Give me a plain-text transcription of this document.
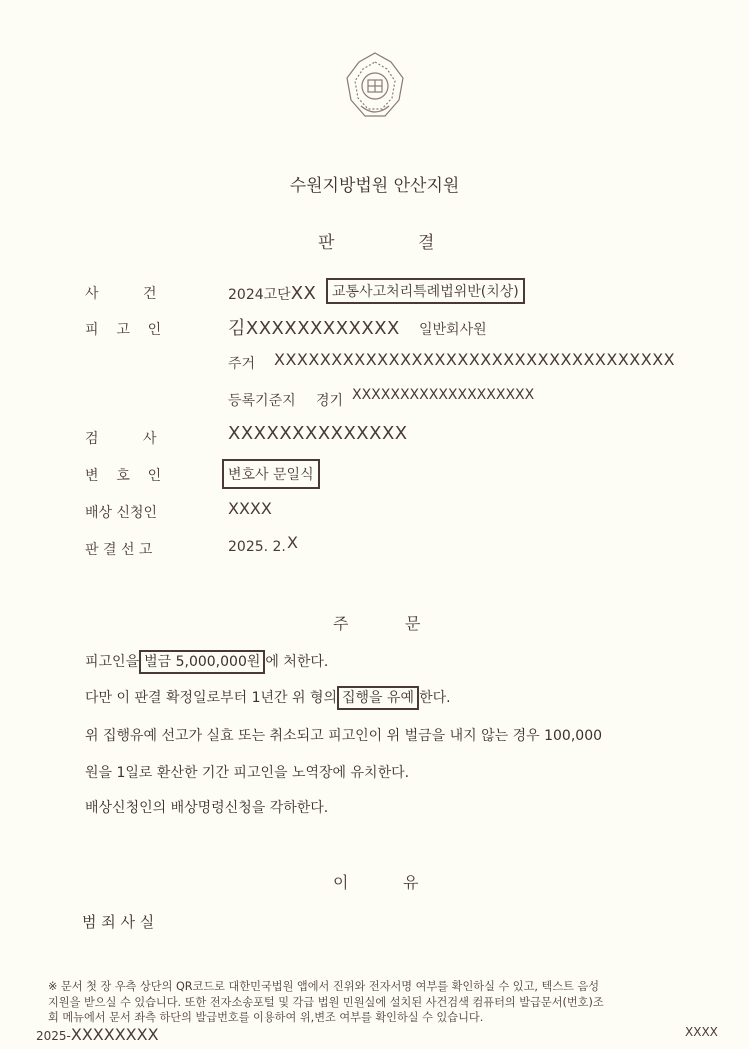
수원지방법원 안산지원
판	결
사          건	2024고단XX	교통사고처리특례법위반(치상)
피    고    인	김XXXXXXXXXXXX 일반회사원
주거 XXXXXXXXXXXXXXXXXXXXXXXXXXXXXXXXXXX
등록기준지 경기 XXXXXXXXXXXXXXXXXXX
검          사	XXXXXXXXXXXXXX
변    호    인	변호사 문일식
배상 신청인	XXXX
판 결 선 고	2025. 2. X
주	문
피고인을 벌금 5,000,000원 에 처한다.
다만 이 판결 확정일로부터 1년간 위 형의 집행을 유예 한다.
위 집행유예 선고가 실효 또는 취소되고 피고인이 위 벌금을 내지 않는 경우 100,000
원을 1일로 환산한 기간 피고인을 노역장에 유치한다.
배상신청인의 배상명령신청을 각하한다.
이	유
범 죄 사 실
※ 문서 첫 장 우측 상단의 QR코드로 대한민국법원 앱에서 진위와 전자서명 여부를 확인하실 수 있고, 텍스트 음성
지원을 받으실 수 있습니다. 또한 전자소송포털 및 각급 법원 민원실에 설치된 사건검색 컴퓨터의 발급문서(번호)조
회 메뉴에서 문서 좌측 하단의 발급번호를 이용하여 위,변조 여부를 확인하실 수 있습니다.
2025-XXXXXXXX	XXXX
